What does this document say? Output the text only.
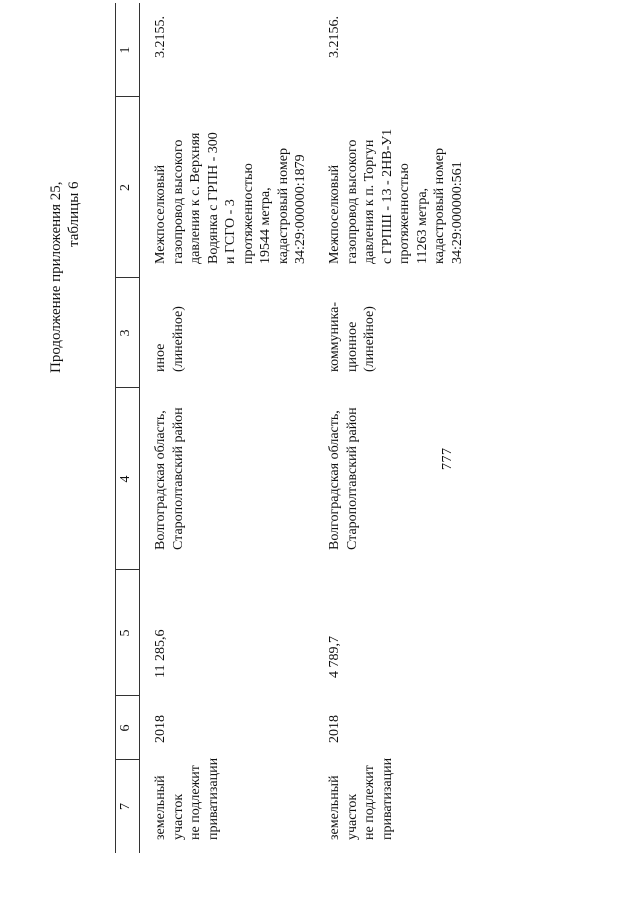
777
Продолжение приложения 25, таблицы 6
1
2
3
4
5
6
7
3.2155.
Межпоселковый
газопровод высокого
давления к с. Верхняя
Водянка с ГРПН - 300
и ГСГО - 3
протяженностью
19544 метра,
кадастровый номер
34:29:000000:1879
иное
(линейное)
Волгоградская область,
Старополтавский район
11 285,6
2018
земельный
участок
не подлежит
приватизации
3.2156.
Межпоселковый
газопровод высокого
давления к п. Торгун
с ГРПШ - 13 - 2НВ-У1
протяженностью
11263 метра,
кадастровый номер
34:29:000000:561
коммуника-
ционное
(линейное)
Волгоградская область,
Старополтавский район
4 789,7
2018
земельный
участок
не подлежит
приватизации
